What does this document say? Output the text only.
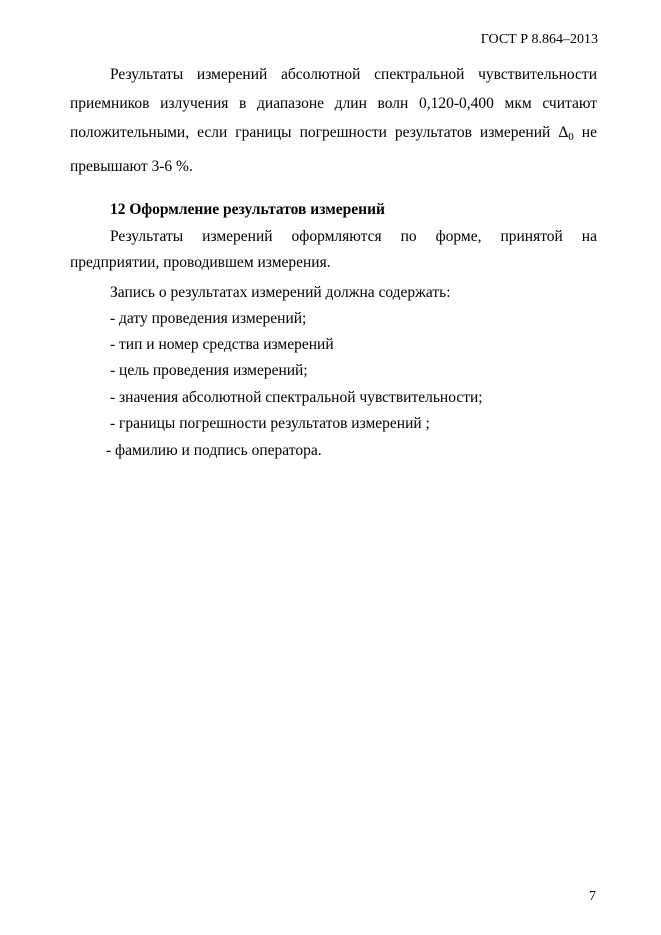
ГОСТ Р 8.864–2013

Результаты измерений абсолютной спектральной чувствительности приемников излучения в диапазоне длин волн 0,120-0,400 мкм считают положительными, если границы погрешности результатов измерений Δ0 не превышают 3-6 %.

12 Оформление результатов измерений

Результаты измерений оформляются по форме, принятой на предприятии, проводившем измерения.

Запись о результатах измерений должна содержать:

- дату проведения измерений;

- тип и номер средства измерений

- цель проведения измерений;

- значения абсолютной спектральной чувствительности;

- границы погрешности результатов измерений ;

- фамилию и подпись оператора.

7
